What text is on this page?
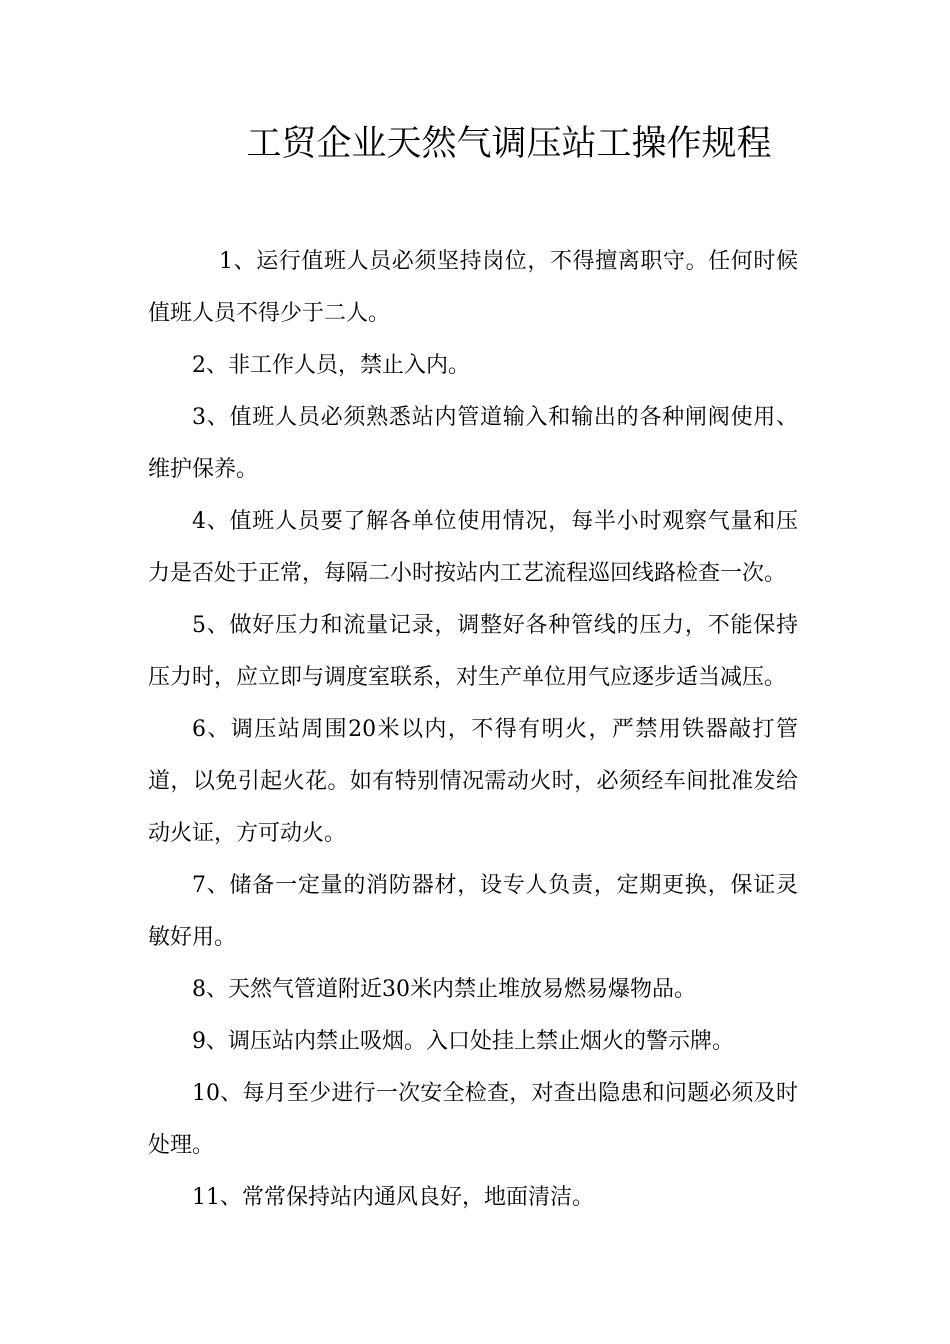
工贸企业天然气调压站工操作规程

1、运行值班人员必须坚持岗位，不得擅离职守。任何时候值班人员不得少于二人。

2、非工作人员，禁止入内。

3、值班人员必须熟悉站内管道输入和输出的各种闸阀使用、维护保养。

4、值班人员要了解各单位使用情况，每半小时观察气量和压力是否处于正常，每隔二小时按站内工艺流程巡回线路检查一次。

5、做好压力和流量记录，调整好各种管线的压力，不能保持压力时，应立即与调度室联系，对生产单位用气应逐步适当减压。

6、调压站周围20米以内，不得有明火，严禁用铁器敲打管道，以免引起火花。如有特别情况需动火时，必须经车间批准发给动火证，方可动火。

7、储备一定量的消防器材，设专人负责，定期更换，保证灵敏好用。

8、天然气管道附近30米内禁止堆放易燃易爆物品。

9、调压站内禁止吸烟。入口处挂上禁止烟火的警示牌。

10、每月至少进行一次安全检查，对查出隐患和问题必须及时处理。

11、常常保持站内通风良好，地面清洁。
